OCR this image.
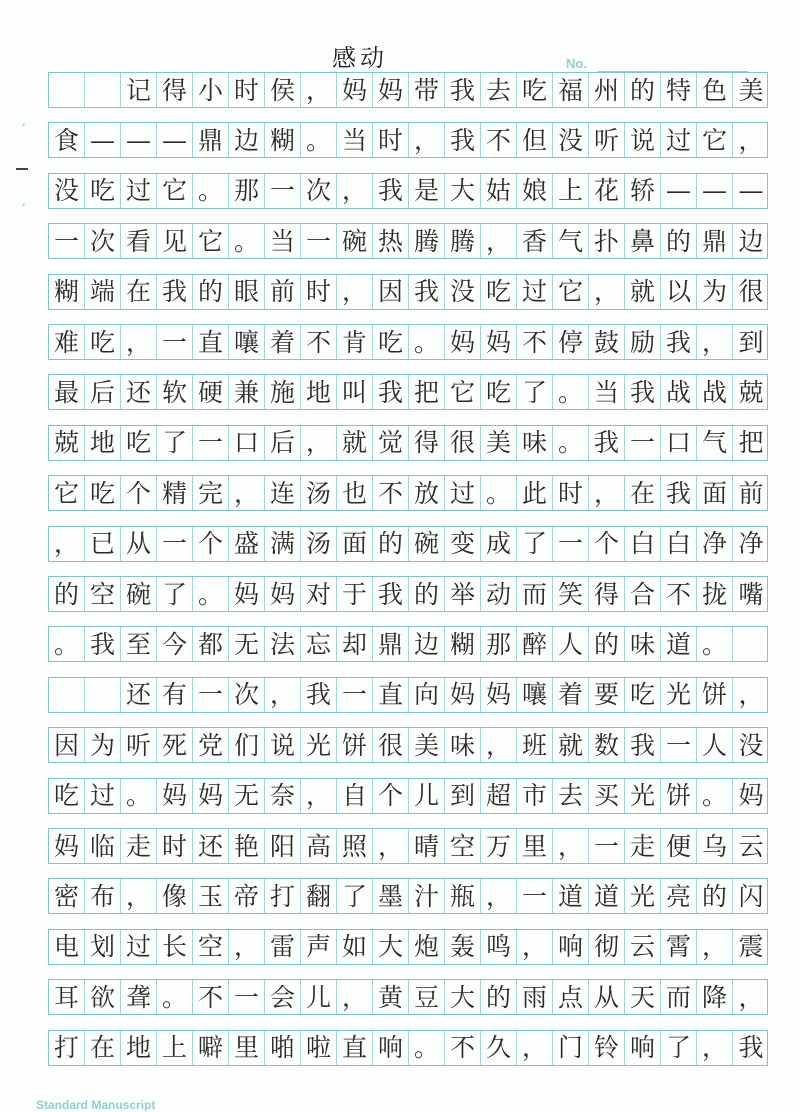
感动	No.
•
•
记 得 小 时 侯 ， 妈 妈 带 我 去 吃 福 州 的 特 色 美
食 — — — 鼎 边 糊 。 当 时 ， 我 不 但 没 听 说 过 它 ，
没 吃 过 它 。 那 一 次 ， 我 是 大 姑 娘 上 花 轿 — — —
一 次 看 见 它 。 当 一 碗 热 腾 腾 ， 香 气 扑 鼻 的 鼎 边
糊 端 在 我 的 眼 前 时 ， 因 我 没 吃 过 它 ， 就 以 为 很
难 吃 ， 一 直 嚷 着 不 肯 吃 。 妈 妈 不 停 鼓 励 我 ， 到
最 后 还 软 硬 兼 施 地 叫 我 把 它 吃 了 。 当 我 战 战 兢
兢 地 吃 了 一 口 后 ， 就 觉 得 很 美 味 。 我 一 口 气 把
它 吃 个 精 完 ， 连 汤 也 不 放 过 。 此 时 ， 在 我 面 前
， 已 从 一 个 盛 满 汤 面 的 碗 变 成 了 一 个 白 白 净 净
的 空 碗 了 。 妈 妈 对 于 我 的 举 动 而 笑 得 合 不 拢 嘴
。 我 至 今 都 无 法 忘 却 鼎 边 糊 那 醉 人 的 味 道 。
还 有 一 次 ， 我 一 直 向 妈 妈 嚷 着 要 吃 光 饼 ，
因 为 听 死 党 们 说 光 饼 很 美 味 ， 班 就 数 我 一 人 没
吃 过 。 妈 妈 无 奈 ， 自 个 儿 到 超 市 去 买 光 饼 。 妈
妈 临 走 时 还 艳 阳 高 照 ， 晴 空 万 里 ， 一 走 便 乌 云
密 布 ， 像 玉 帝 打 翻 了 墨 汁 瓶 ， 一 道 道 光 亮 的 闪
电 划 过 长 空 ， 雷 声 如 大 炮 轰 鸣 ， 响 彻 云 霄 ， 震
耳 欲 聋 。 不 一 会 儿 ， 黄 豆 大 的 雨 点 从 天 而 降 ，
打 在 地 上 噼 里 啪 啦 直 响 。 不 久 ， 门 铃 响 了 ， 我
Standard Manuscript
